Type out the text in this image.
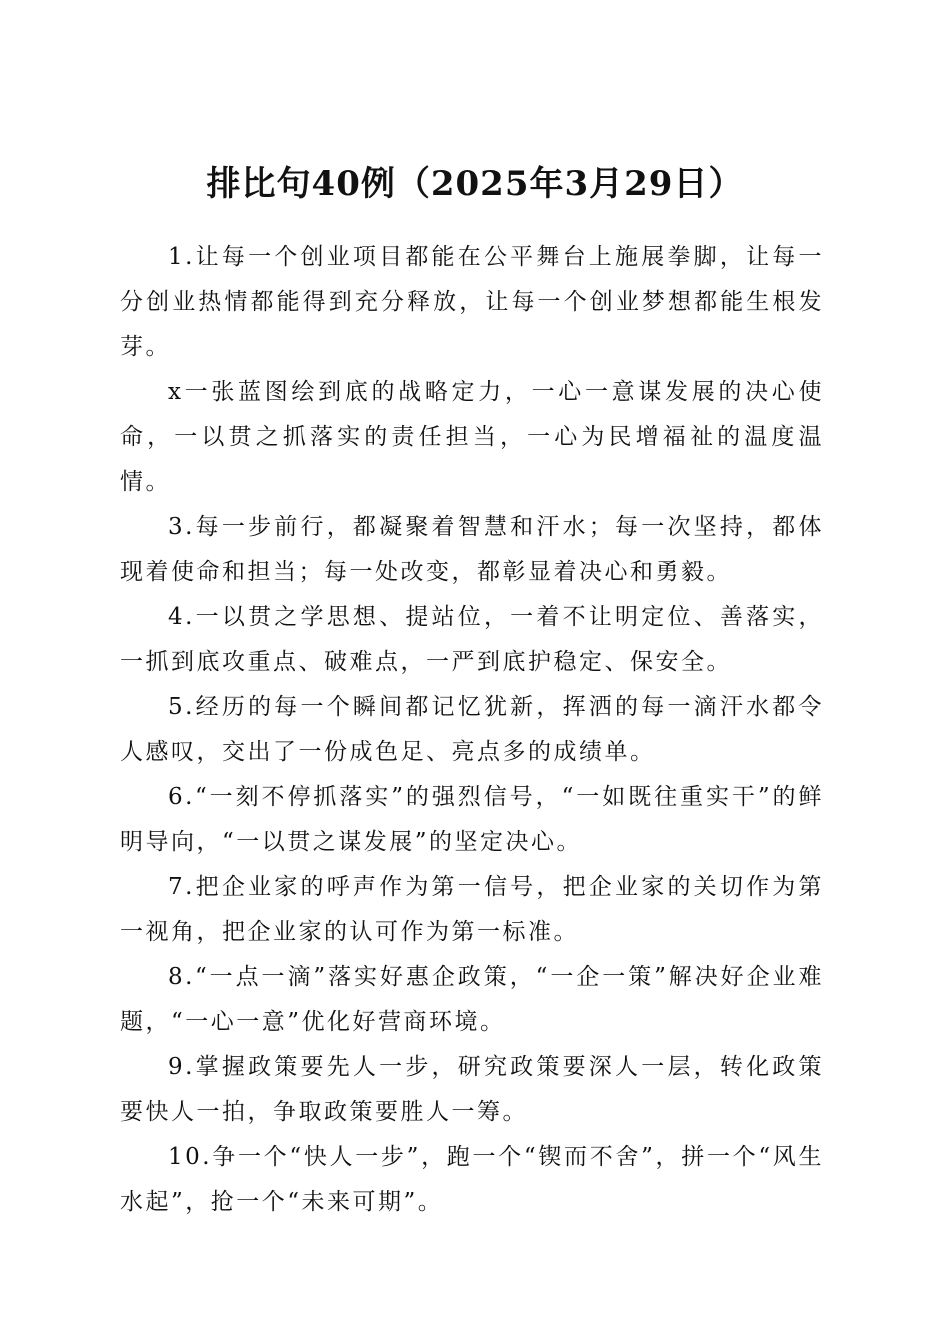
排比句40例（2025年3月29日）

1.让每一个创业项目都能在公平舞台上施展拳脚，让每一分创业热情都能得到充分释放，让每一个创业梦想都能生根发芽。

x一张蓝图绘到底的战略定力，一心一意谋发展的决心使命，一以贯之抓落实的责任担当，一心为民增福祉的温度温情。

3.每一步前行，都凝聚着智慧和汗水；每一次坚持，都体现着使命和担当；每一处改变，都彰显着决心和勇毅。

4.一以贯之学思想、提站位，一着不让明定位、善落实，一抓到底攻重点、破难点，一严到底护稳定、保安全。

5.经历的每一个瞬间都记忆犹新，挥洒的每一滴汗水都令人感叹，交出了一份成色足、亮点多的成绩单。

6.“一刻不停抓落实”的强烈信号，“一如既往重实干”的鲜明导向，“一以贯之谋发展”的坚定决心。

7.把企业家的呼声作为第一信号，把企业家的关切作为第一视角，把企业家的认可作为第一标准。

8.“一点一滴”落实好惠企政策，“一企一策”解决好企业难题，“一心一意”优化好营商环境。

9.掌握政策要先人一步，研究政策要深人一层，转化政策要快人一拍，争取政策要胜人一筹。

10.争一个“快人一步”，跑一个“锲而不舍”，拼一个“风生水起”，抢一个“未来可期”。
